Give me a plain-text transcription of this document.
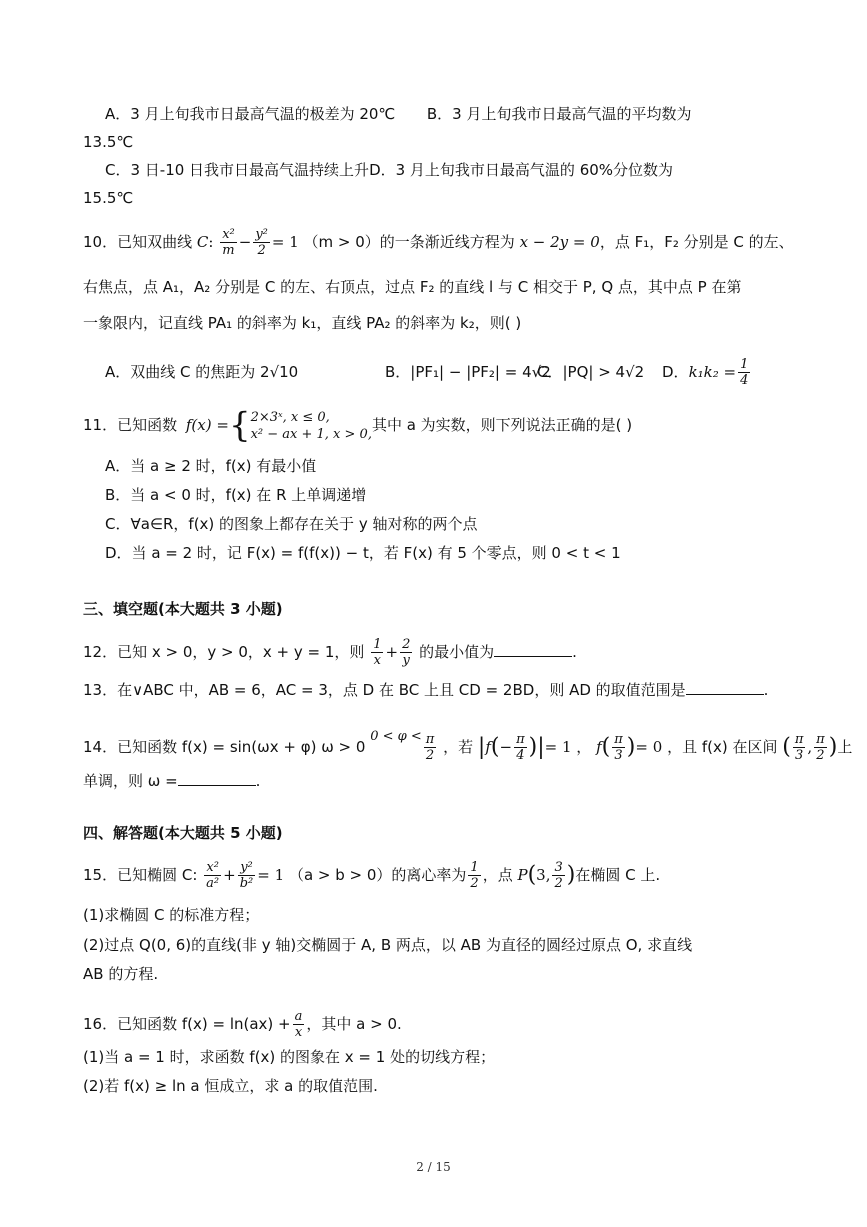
A．3 月上旬我市日最高气温的极差为 20℃ B．3 月上旬我市日最高气温的平均数为
13.5℃
C．3 日-10 日我市日最高气温持续上升D．3 月上旬我市日最高气温的 60%分位数为
15.5℃
10．已知双曲线 C: $\frac{\text{x²}}{m} - \frac{\text{y²}}{2} = 1$ （m > 0）的一条渐近线方程为 x − 2y = 0，点 F₁，F₂ 分别是 C 的左、
右焦点，点 A₁，A₂ 分别是 C 的左、右顶点，过点 F₂ 的直线 l 与 C 相交于 P, Q 点，其中点 P 在第
一象限内，记直线 PA₁ 的斜率为 k₁，直线 PA₂ 的斜率为 k₂，则( )
A．双曲线 C 的焦距为 2√10	B．|PF₁| − |PF₂| = 4√2
C．|PQ| > 4√2 D．$k_1k_2 = \frac{1}{4}$
11．已知函数 f(x) ={ 2×3ˣ, x ≤ 0,
x² − ax + 1, x > 0, 其中 a 为实数，则下列说法正确的是( )
A．当 a ≥ 2 时，f(x) 有最小值
B．当 a < 0 时，f(x) 在 R 上单调递增
C．∀a∈R，f(x) 的图象上都存在关于 y 轴对称的两个点
D．当 a = 2 时，记 F(x) = f(f(x)) − t，若 F(x) 有 5 个零点，则 0 < t < 1
三、填空题(本大题共 3 小题)
12．已知 x > 0，y > 0，x + y = 1，则 $\frac{1}{x} + \frac{2}{y}$ 的最小值为	.
13．在∨ABC 中，AB = 6，AC = 3，点 D 在 BC 上且 CD = 2BD，则 AD 的取值范围是	.
14．已知函数 f(x) = sin(ωx + φ) ω > 0 $0 < \varphi < \frac{\pi}{2}$ ，若 $|f(- \frac{\pi}{4}$ )|= 1 ， $f( \frac{\pi}{3}$ )= 0 ，且 f(x) 在区间 ( $\frac{\pi}{3}$ , $\frac{\pi}{2}$ )上
单调，则 ω =	.
四、解答题(本大题共 5 小题)
15．已知椭圆 C: $\frac{\text{x²}}{\text{a²}} + \frac{\text{y²}}{\text{b²}} = 1$ （a > b > 0）的离心率为 $\frac{1}{2}$ ，点 P(3, $\frac{3}{2}$ )在椭圆 C 上.
(1)求椭圆 C 的标准方程；
(2)过点 Q(0, 6)的直线(非 y 轴)交椭圆于 A, B 两点，以 AB 为直径的圆经过原点 O, 求直线
AB 的方程.
16．已知函数 $f(x) = \ln(ax) + \frac{a}{x}$ ，其中 a > 0.
(1)当 a = 1 时，求函数 f(x) 的图象在 x = 1 处的切线方程；
(2)若 f(x) ≥ ln a 恒成立，求 a 的取值范围.
2 / 15
